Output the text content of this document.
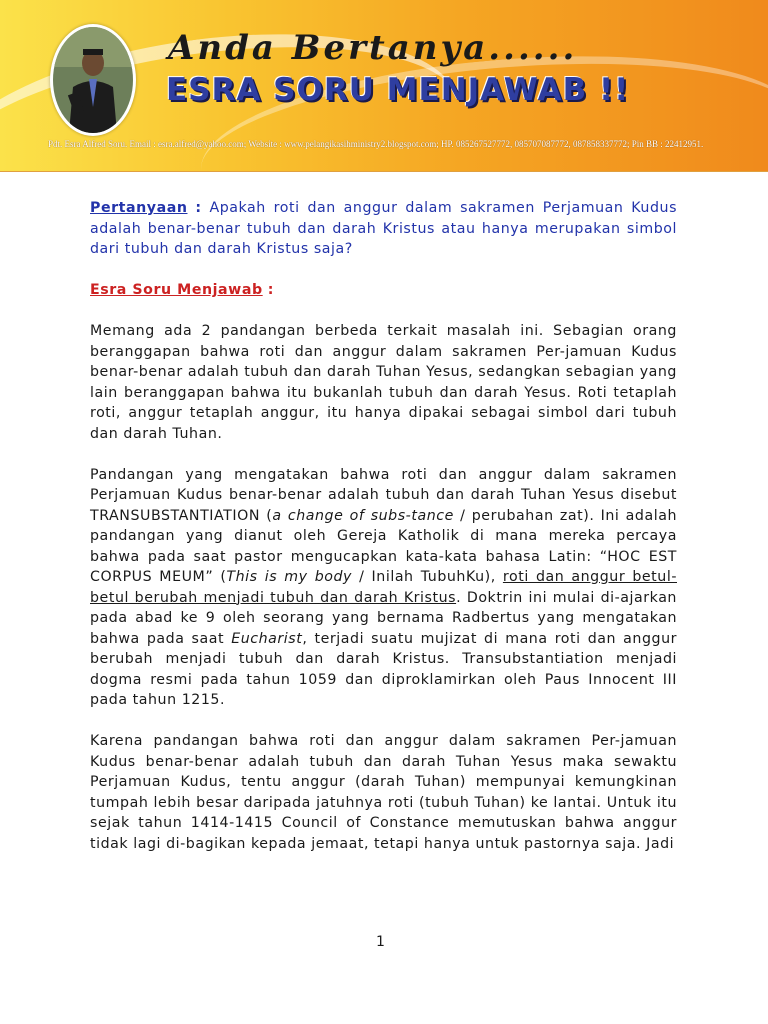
Anda Bertanya......
ESRA SORU MENJAWAB !!
Pdt. Esra Alfred Soru. Email : esra.alfred@yahoo.com; Website : www.pelangikasihministry2.blogspot.com; HP. 085267527772, 085707087772, 087858337772; Pin BB : 22412951.

Pertanyaan : Apakah roti dan anggur dalam sakramen Perjamuan Kudus adalah benar-benar tubuh dan darah Kristus atau hanya merupakan simbol dari tubuh dan darah Kristus saja?

Esra Soru Menjawab :

Memang ada 2 pandangan berbeda terkait masalah ini. Sebagian orang beranggapan bahwa roti dan anggur dalam sakramen Per-jamuan Kudus benar-benar adalah tubuh dan darah Tuhan Yesus, sedangkan sebagian yang lain beranggapan bahwa itu bukanlah tubuh dan darah Yesus. Roti tetaplah roti, anggur tetaplah anggur, itu hanya dipakai sebagai simbol dari tubuh dan darah Tuhan.

Pandangan yang mengatakan bahwa roti dan anggur dalam sakramen Perjamuan Kudus benar-benar adalah tubuh dan darah Tuhan Yesus disebut TRANSUBSTANTIATION (a change of subs-tance / perubahan zat). Ini adalah pandangan yang dianut oleh Gereja Katholik di mana mereka percaya bahwa pada saat pastor mengucapkan kata-kata bahasa Latin: “HOC EST CORPUS MEUM” (This is my body / Inilah TubuhKu), roti dan anggur betul-betul berubah menjadi tubuh dan darah Kristus. Doktrin ini mulai di-ajarkan pada abad ke 9 oleh seorang yang bernama Radbertus yang mengatakan bahwa pada saat Eucharist, terjadi suatu mujizat di mana roti dan anggur berubah menjadi tubuh dan darah Kristus. Transubstantiation menjadi dogma resmi pada tahun 1059 dan diproklamirkan oleh Paus Innocent III pada tahun 1215.

Karena pandangan bahwa roti dan anggur dalam sakramen Per-jamuan Kudus benar-benar adalah tubuh dan darah Tuhan Yesus maka sewaktu Perjamuan Kudus, tentu anggur (darah Tuhan) mempunyai kemungkinan tumpah lebih besar daripada jatuhnya roti (tubuh Tuhan) ke lantai. Untuk itu sejak tahun 1414-1415 Council of Constance memutuskan bahwa anggur tidak lagi di-bagikan kepada jemaat, tetapi hanya untuk pastornya saja. Jadi

1
